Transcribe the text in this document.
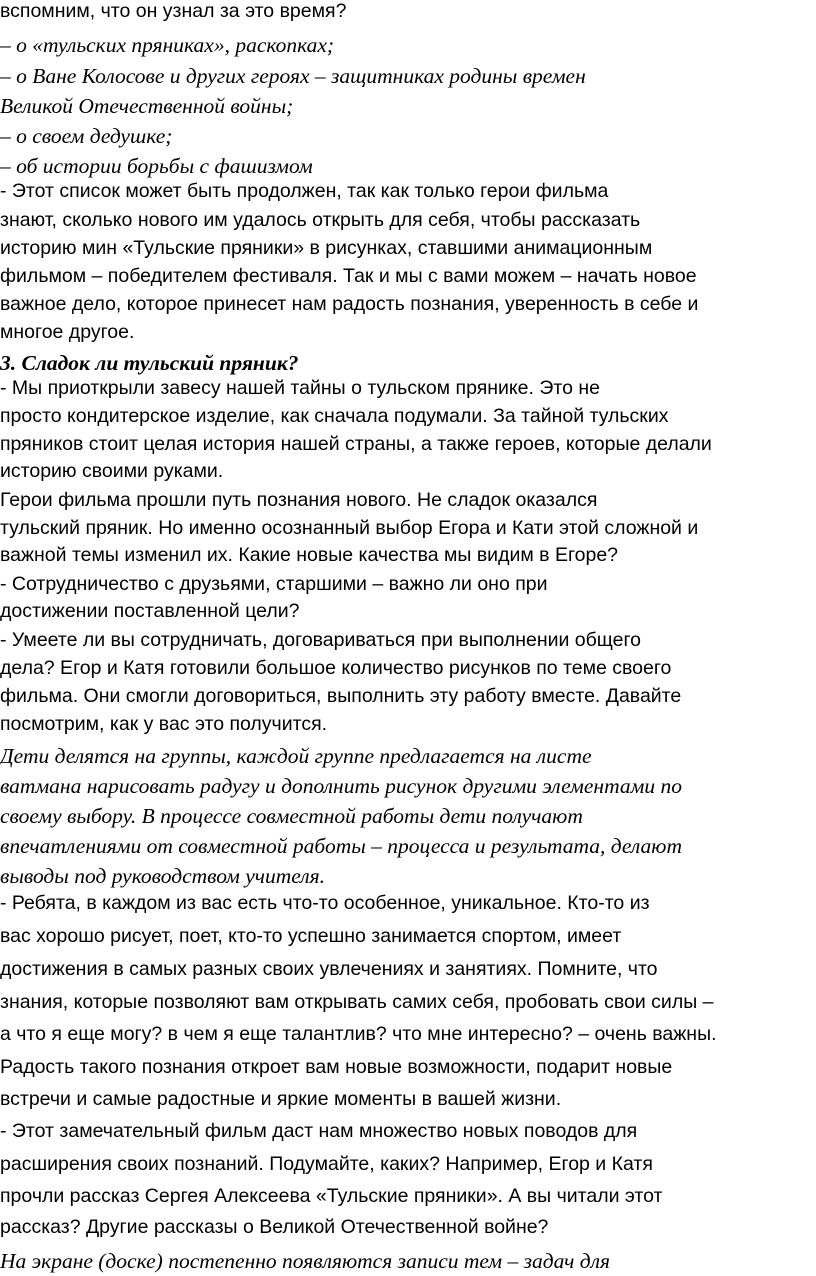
вспомним, что он узнал за это время?

– о «тульских пряниках», раскопках;

– о Ване Колосове и других героях – защитниках родины времен

Великой Отечественной войны;

– о своем дедушке;

– об истории борьбы с фашизмом

- Этот список может быть продолжен, так как только герои фильма

знают, сколько нового им удалось открыть для себя, чтобы рассказать

историю мин «Тульские пряники» в рисунках, ставшими анимационным

фильмом – победителем фестиваля. Так и мы с вами можем – начать новое

важное дело, которое принесет нам радость познания, уверенность в себе и

многое другое.

3. Сладок ли тульский пряник?

- Мы приоткрыли завесу нашей тайны о тульском прянике. Это не

просто кондитерское изделие, как сначала подумали. За тайной тульских

пряников стоит целая история нашей страны, а также героев, которые делали

историю своими руками.

Герои фильма прошли путь познания нового. Не сладок оказался

тульский пряник. Но именно осознанный выбор Егора и Кати этой сложной и

важной темы изменил их. Какие новые качества мы видим в Егоре?

- Сотрудничество с друзьями, старшими – важно ли оно при

достижении поставленной цели?

- Умеете ли вы сотрудничать, договариваться при выполнении общего

дела? Егор и Катя готовили большое количество рисунков по теме своего

фильма. Они смогли договориться, выполнить эту работу вместе. Давайте

посмотрим, как у вас это получится.

Дети делятся на группы, каждой группе предлагается на листе

ватмана нарисовать радугу и дополнить рисунок другими элементами по

своему выбору. В процессе совместной работы дети получают

впечатлениями от совместной работы – процесса и результата, делают

выводы под руководством учителя.

- Ребята, в каждом из вас есть что-то особенное, уникальное. Кто-то из

вас хорошо рисует, поет, кто-то успешно занимается спортом, имеет

достижения в самых разных своих увлечениях и занятиях. Помните, что

знания, которые позволяют вам открывать самих себя, пробовать свои силы –

а что я еще могу? в чем я еще талантлив? что мне интересно? – очень важны.

Радость такого познания откроет вам новые возможности, подарит новые

встречи и самые радостные и яркие моменты в вашей жизни.

- Этот замечательный фильм даст нам множество новых поводов для

расширения своих познаний. Подумайте, каких? Например, Егор и Катя

прочли рассказ Сергея Алексеева «Тульские пряники». А вы читали этот

рассказ? Другие рассказы о Великой Отечественной войне?

На экране (доске) постепенно появляются записи тем – задач для
